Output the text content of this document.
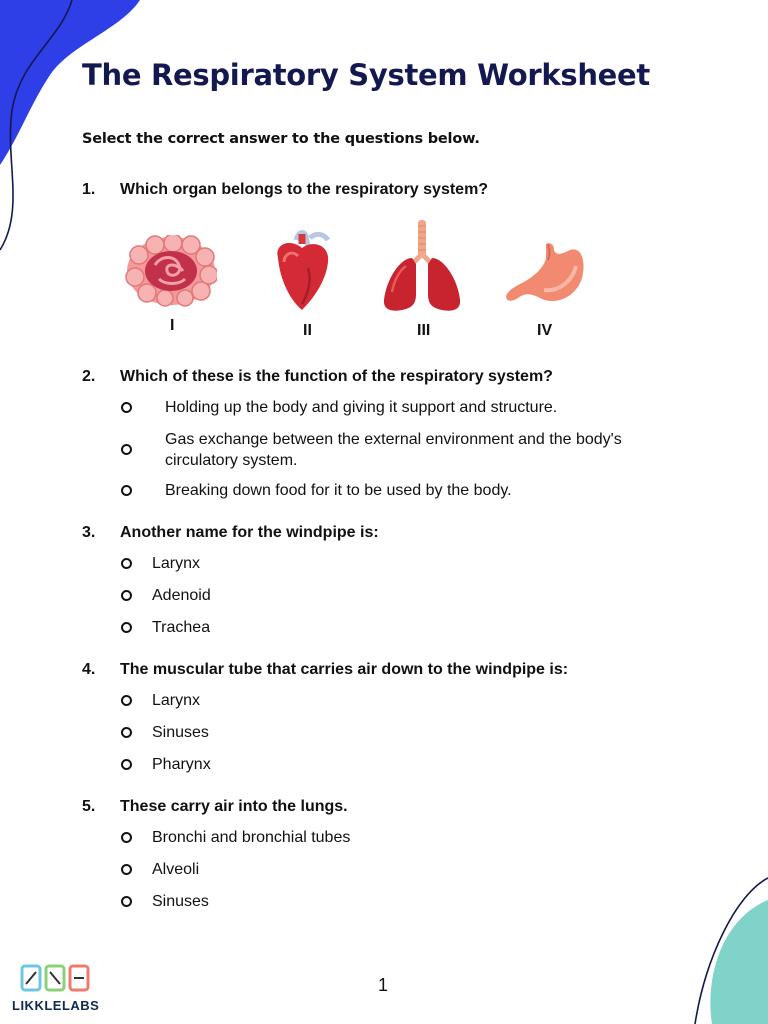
The Respiratory System Worksheet
Select the correct answer to the questions below.
1. Which organ belongs to the respiratory system?
I	II	III	IV
2. Which of these is the function of the respiratory system?
Holding up the body and giving it support and structure.
Gas exchange between the external environment and the body's
circulatory system.
Breaking down food for it to be used by the body.
3. Another name for the windpipe is:
Larynx
Adenoid
Trachea
4. The muscular tube that carries air down to the windpipe is:
Larynx
Sinuses
Pharynx
5. These carry air into the lungs.
Bronchi and bronchial tubes
Alveoli
Sinuses
LIKKLELABS
1
